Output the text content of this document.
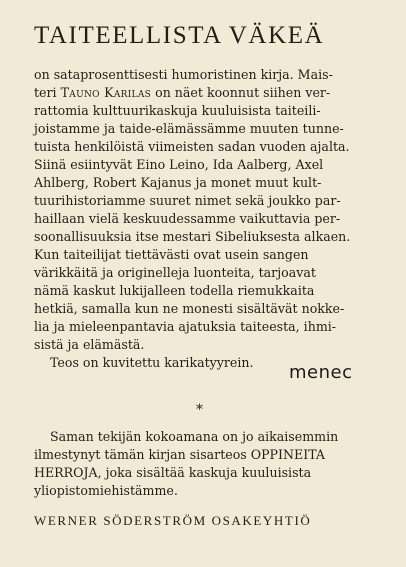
TAITEELLISTA VÄKEÄ
on sataprosenttisesti humoristinen kirja. Mais-
teri Tauno Karilas on näet koonnut siihen ver-
rattomia kulttuurikaskuja kuuluisista taiteili-
joistamme ja taide-elämässämme muuten tunne-
tuista henkilöistä viimeisten sadan vuoden ajalta.
Siinä esiintyvät Eino Leino, Ida Aalberg, Axel
Ahlberg, Robert Kajanus ja monet muut kult-
tuurihistoriamme suuret nimet sekä joukko par-
haillaan vielä keskuudessamme vaikuttavia per-
soonallisuuksia itse mestari Sibeliuksesta alkaen.
Kun taiteilijat tiettävästi ovat usein sangen
värikkäitä ja originelleja luonteita, tarjoavat
nämä kaskut lukijalleen todella riemukkaita
hetkiä, samalla kun ne monesti sisältävät nokke-
lia ja mieleenpantavia ajatuksia taiteesta, ihmi-
sistä ja elämästä.
Teos on kuvitettu karikatyyrein.
*
Saman tekijän kokoamana on jo aikaisemmin
ilmestynyt tämän kirjan sisarteos OPPINEITA
HERROJA, joka sisältää kaskuja kuuluisista
yliopistomiehistämme.
WERNER SÖDERSTRÖM OSAKEYHTIÖ
menec
